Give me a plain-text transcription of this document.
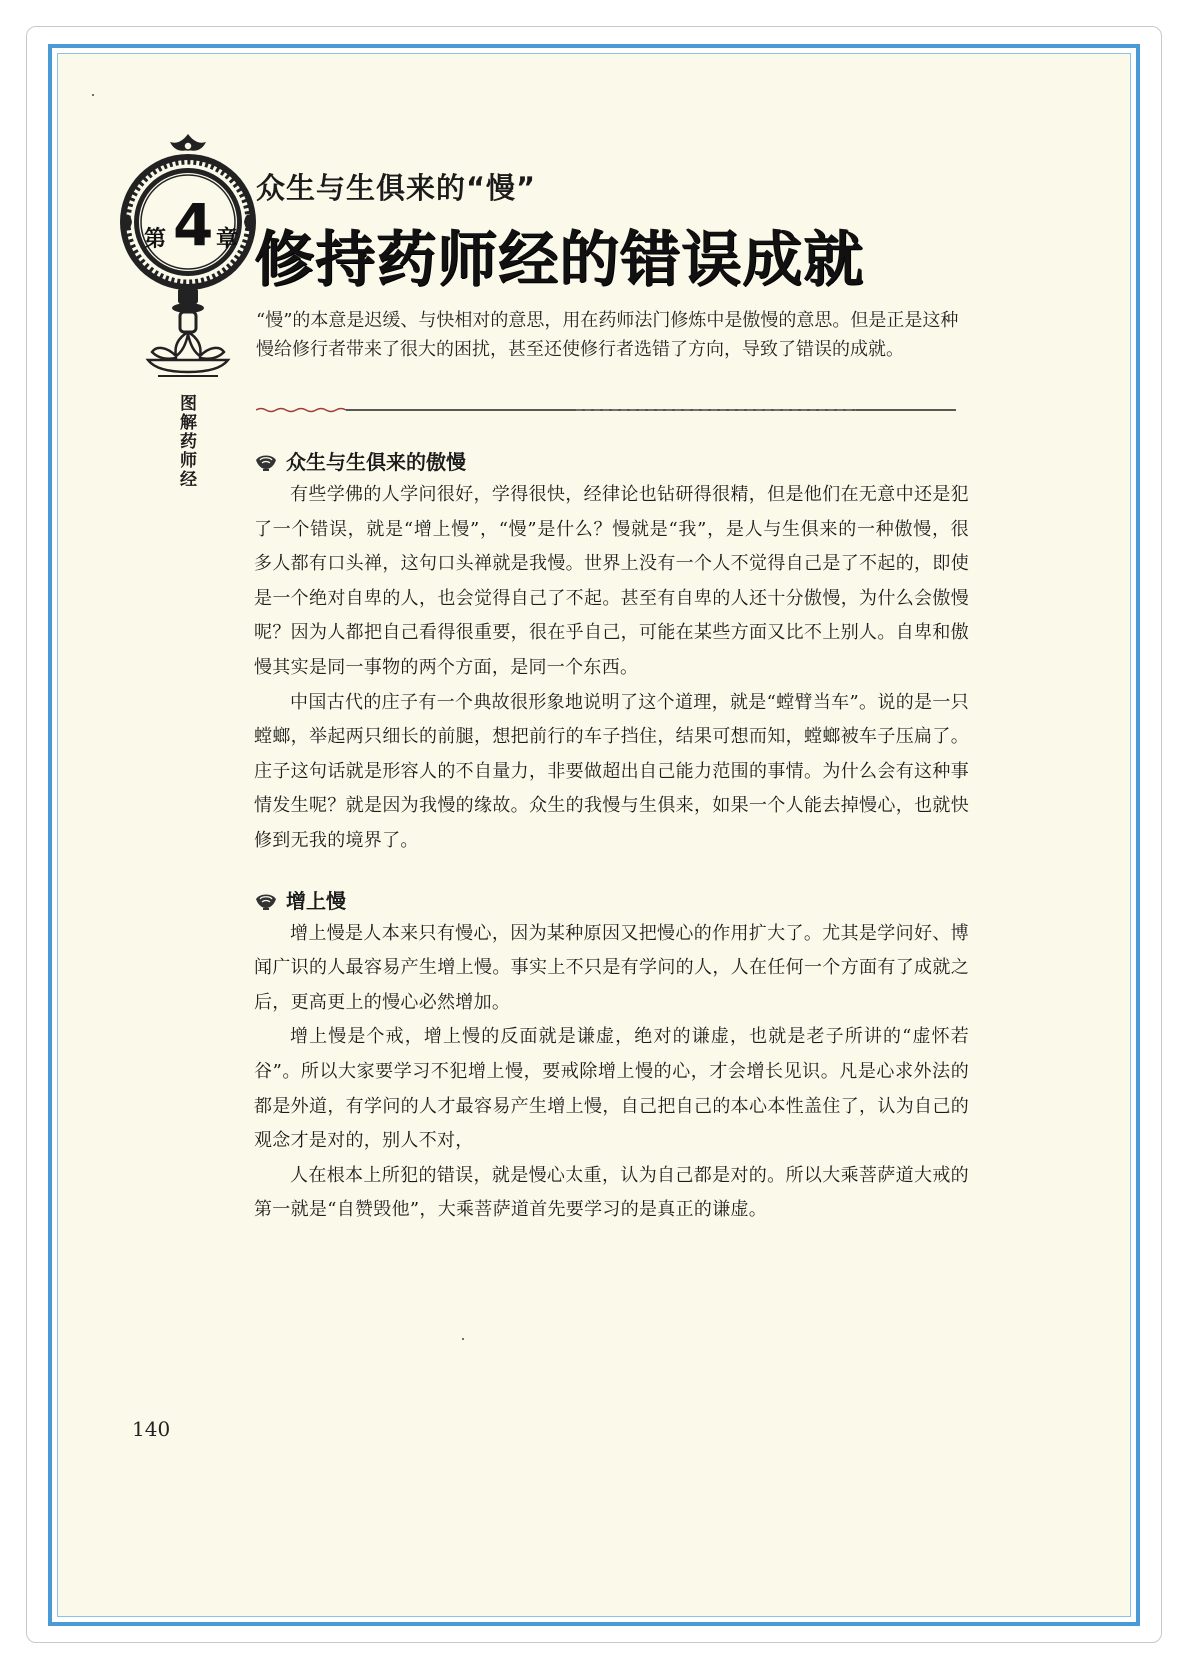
第 4 章
图解药师经
众生与生俱来的“慢”
修持药师经的错误成就
“慢”的本意是迟缓、与快相对的意思，用在药师法门修炼中是傲慢的意思。但是正是这种慢给修行者带来了很大的困扰，甚至还使修行者选错了方向，导致了错误的成就。
众生与生俱来的傲慢

有些学佛的人学问很好，学得很快，经律论也钻研得很精，但是他们在无意中还是犯了一个错误，就是“增上慢”，“慢”是什么？慢就是“我”，是人与生俱来的一种傲慢，很多人都有口头禅，这句口头禅就是我慢。世界上没有一个人不觉得自己是了不起的，即使是一个绝对自卑的人，也会觉得自己了不起。甚至有自卑的人还十分傲慢，为什么会傲慢呢？因为人都把自己看得很重要，很在乎自己，可能在某些方面又比不上别人。自卑和傲慢其实是同一事物的两个方面，是同一个东西。

中国古代的庄子有一个典故很形象地说明了这个道理，就是“螳臂当车”。说的是一只螳螂，举起两只细长的前腿，想把前行的车子挡住，结果可想而知，螳螂被车子压扁了。庄子这句话就是形容人的不自量力，非要做超出自己能力范围的事情。为什么会有这种事情发生呢？就是因为我慢的缘故。众生的我慢与生俱来，如果一个人能去掉慢心，也就快修到无我的境界了。

增上慢

增上慢是人本来只有慢心，因为某种原因又把慢心的作用扩大了。尤其是学问好、博闻广识的人最容易产生增上慢。事实上不只是有学问的人，人在任何一个方面有了成就之后，更高更上的慢心必然增加。

增上慢是个戒，增上慢的反面就是谦虚，绝对的谦虚，也就是老子所讲的“虚怀若谷”。所以大家要学习不犯增上慢，要戒除增上慢的心，才会增长见识。凡是心求外法的都是外道，有学问的人才最容易产生增上慢，自己把自己的本心本性盖住了，认为自己的观念才是对的，别人不对，

人在根本上所犯的错误，就是慢心太重，认为自己都是对的。所以大乘菩萨道大戒的第一就是“自赞毁他”，大乘菩萨道首先要学习的是真正的谦虚。

140
